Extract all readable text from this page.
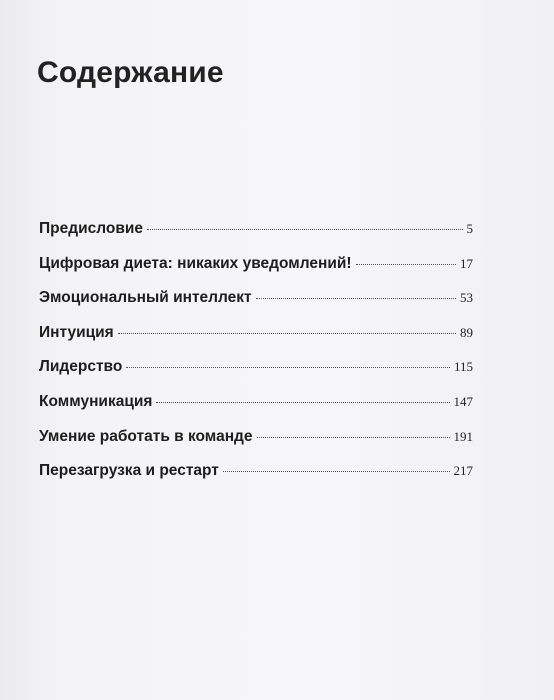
Содержание
Предисловие	5
Цифровая диета: никаких уведомлений!	17
Эмоциональный интеллект	53
Интуиция	89
Лидерство	115
Коммуникация	147
Умение работать в команде	191
Перезагрузка и рестарт	217
